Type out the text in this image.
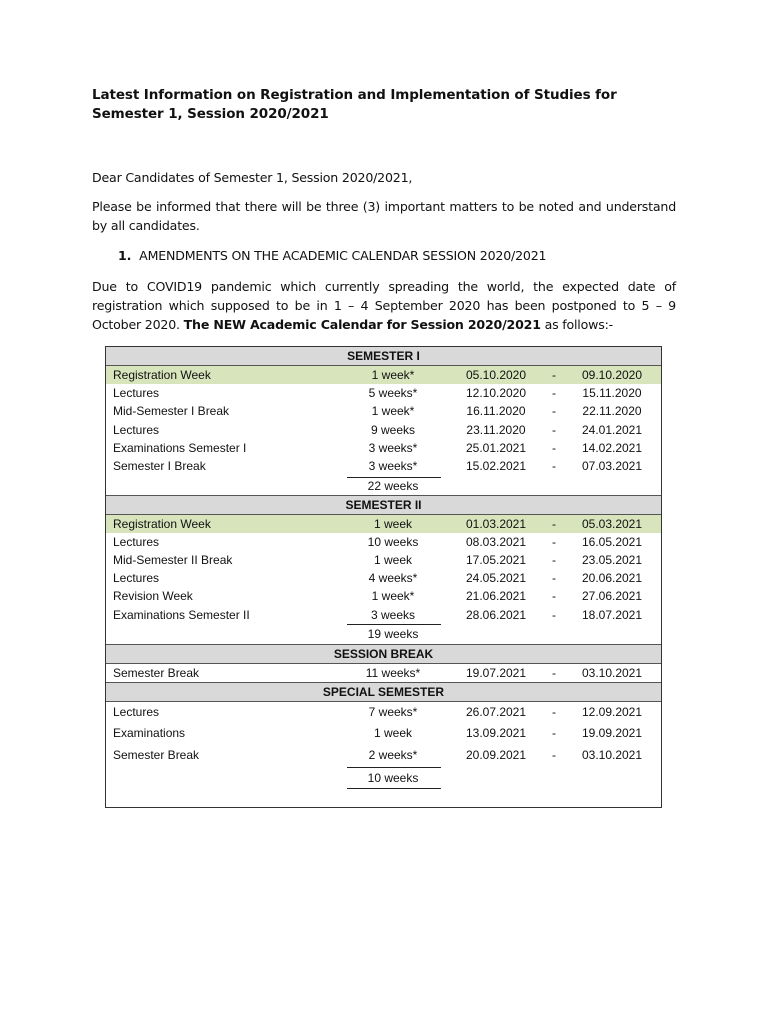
Latest Information on Registration and Implementation of Studies for Semester 1, Session 2020/2021
Dear Candidates of Semester 1, Session 2020/2021,
Please be informed that there will be three (3) important matters to be noted and understand by all candidates.
1. AMENDMENTS ON THE ACADEMIC CALENDAR SESSION 2020/2021
Due to COVID19 pandemic which currently spreading the world, the expected date of registration which supposed to be in 1 – 4 September 2020 has been postponed to 5 – 9 October 2020. The NEW Academic Calendar for Session 2020/2021 as follows:-
SEMESTER I
Registration Week	1 week*	05.10.2020	-	09.10.2020
Lectures	5 weeks*	12.10.2020	-	15.11.2020
Mid-Semester I Break	1 week*	16.11.2020	-	22.11.2020
Lectures	9 weeks	23.11.2020	-	24.01.2021
Examinations Semester I	3 weeks*	25.01.2021	-	14.02.2021
Semester I Break	3 weeks*	15.02.2021	-	07.03.2021
22 weeks
SEMESTER II
Registration Week	1 week	01.03.2021	-	05.03.2021
Lectures	10 weeks	08.03.2021	-	16.05.2021
Mid-Semester II Break	1 week	17.05.2021	-	23.05.2021
Lectures	4 weeks*	24.05.2021	-	20.06.2021
Revision Week	1 week*	21.06.2021	-	27.06.2021
Examinations Semester II	3 weeks	28.06.2021	-	18.07.2021
19 weeks
SESSION BREAK
Semester Break	11 weeks*	19.07.2021	-	03.10.2021
SPECIAL SEMESTER
Lectures	7 weeks*	26.07.2021	-	12.09.2021
Examinations	1 week	13.09.2021	-	19.09.2021
Semester Break	2 weeks*	20.09.2021	-	03.10.2021
10 weeks
